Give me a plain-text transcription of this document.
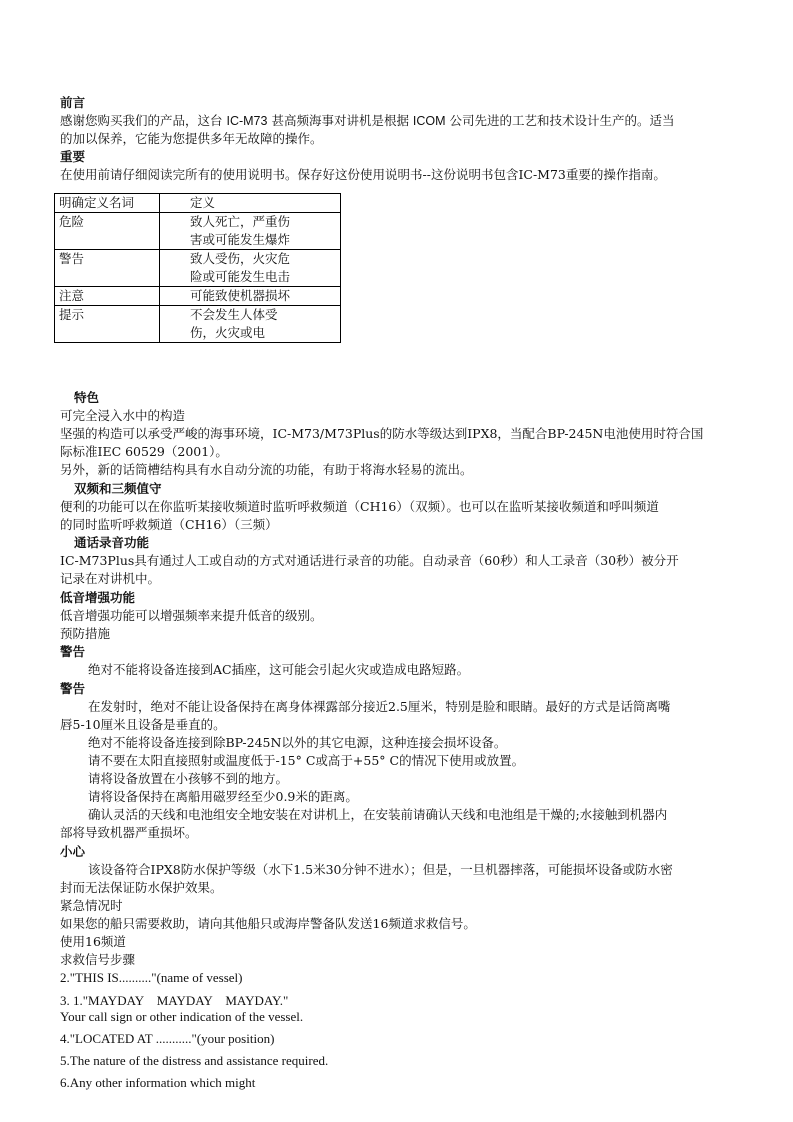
前言
感谢您购买我们的产品，这台 IC-M73 甚高频海事对讲机是根据 ICOM 公司先进的工艺和技术设计生产的。适当
的加以保养，它能为您提供多年无故障的操作。
重要
在使用前请仔细阅读完所有的使用说明书。保存好这份使用说明书--这份说明书包含IC-M73重要的操作指南。
明确定义名词	定义
危险	致人死亡，严重伤
害或可能发生爆炸

警告	致人受伤，火灾危
险或可能发生电击

注意	可能致使机器损坏

提示	不会发生人体受
伤，火灾或电
特色
可完全浸入水中的构造
坚强的构造可以承受严峻的海事环境，IC-M73/M73Plus的防水等级达到IPX8，当配合BP-245N电池使用时符合国
际标准IEC 60529（2001）。
另外，新的话筒槽结构具有水自动分流的功能，有助于将海水轻易的流出。
双频和三频值守
便利的功能可以在你监听某接收频道时监听呼救频道（CH16）（双频）。也可以在监听某接收频道和呼叫频道
的同时监听呼救频道（CH16）（三频）
通话录音功能
IC-M73Plus具有通过人工或自动的方式对通话进行录音的功能。自动录音（60秒）和人工录音（30秒）被分开
记录在对讲机中。
低音增强功能
低音增强功能可以增强频率来提升低音的级别。
预防措施
警告
绝对不能将设备连接到AC插座，这可能会引起火灾或造成电路短路。
警告
在发射时，绝对不能让设备保持在离身体裸露部分接近2.5厘米，特别是脸和眼睛。最好的方式是话筒离嘴
唇5-10厘米且设备是垂直的。
绝对不能将设备连接到除BP-245N以外的其它电源，这种连接会损坏设备。
请不要在太阳直接照射或温度低于-15° C或高于+55° C的情况下使用或放置。
请将设备放置在小孩够不到的地方。
请将设备保持在离船用磁罗经至少0.9米的距离。
确认灵活的天线和电池组安全地安装在对讲机上，在安装前请确认天线和电池组是干燥的;水接触到机器内
部将导致机器严重损坏。
小心
该设备符合IPX8防水保护等级（水下1.5米30分钟不进水）；但是，一旦机器摔落，可能损坏设备或防水密
封而无法保证防水保护效果。
紧急情况时
如果您的船只需要救助，请向其他船只或海岸警备队发送16频道求救信号。
使用16频道
求救信号步骤
2."THIS IS.........."(name of vessel)
3. 1."MAYDAY    MAYDAY    MAYDAY."
Your call sign or other indication of the vessel.
4."LOCATED AT ..........."(your position)
5.The nature of the distress and assistance required.
6.Any other information which might
